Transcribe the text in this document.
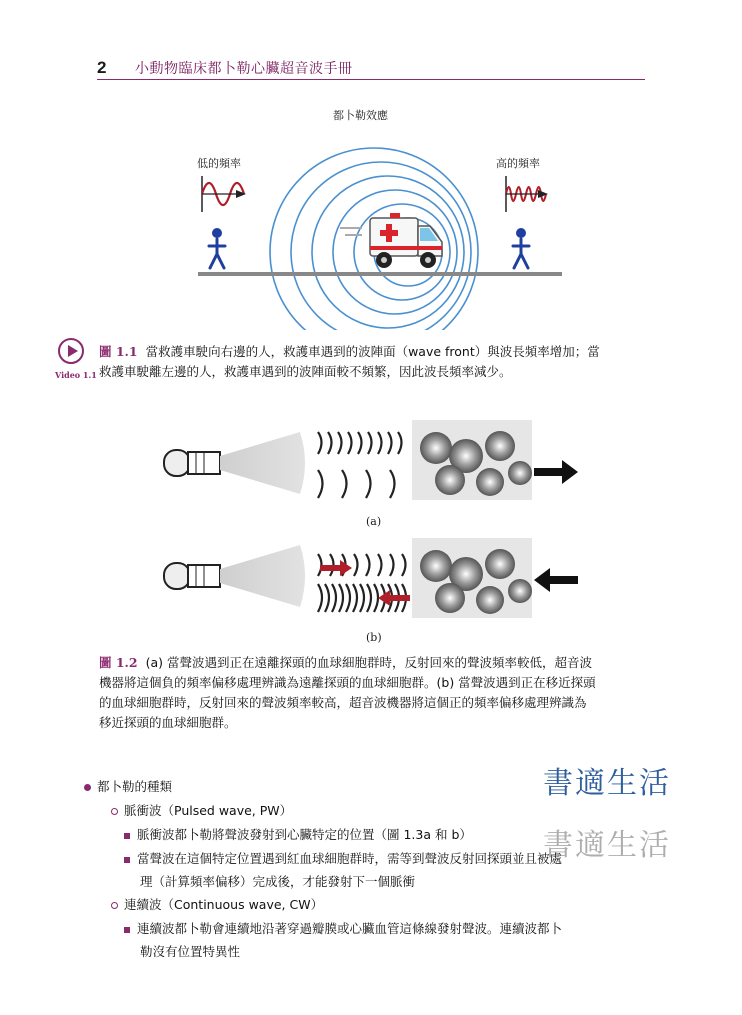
2 小動物臨床都卜勒心臟超音波手冊
都卜勒效應
低的頻率	高的頻率
Video 1.1
圖 1.1 當救護車駛向右邊的人，救護車遇到的波陣面（wave front）與波長頻率增加；當
救護車駛離左邊的人，救護車遇到的波陣面較不頻繁，因此波長頻率減少。
(a)
(b)
圖 1.2 (a) 當聲波遇到正在遠離探頭的血球細胞群時，反射回來的聲波頻率較低，超音波
機器將這個負的頻率偏移處理辨識為遠離探頭的血球細胞群。(b) 當聲波遇到正在移近探頭
的血球細胞群時，反射回來的聲波頻率較高，超音波機器將這個正的頻率偏移處理辨識為
移近探頭的血球細胞群。
都卜勒的種類
脈衝波（Pulsed wave, PW）
脈衝波都卜勒將聲波發射到心臟特定的位置（圖 1.3a 和 b）
當聲波在這個特定位置遇到紅血球細胞群時，需等到聲波反射回探頭並且被處
理（計算頻率偏移）完成後，才能發射下一個脈衝
連續波（Continuous wave, CW）
連續波都卜勒會連續地沿著穿過瓣膜或心臟血管這條線發射聲波。連續波都卜
勒沒有位置特異性
書適生活
書適生活
